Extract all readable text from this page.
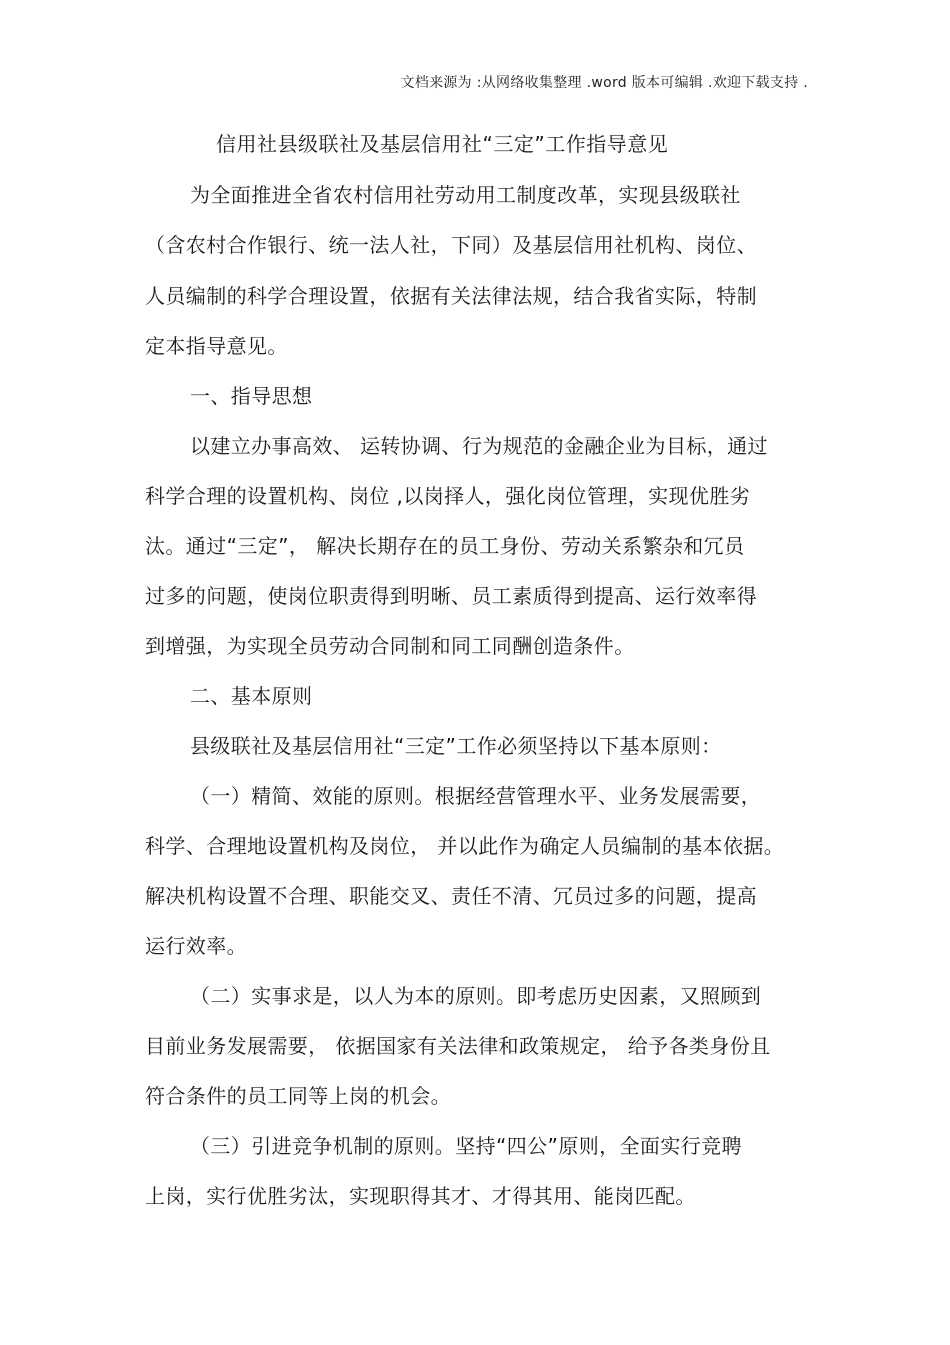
文档来源为 :从网络收集整理 .word 版本可编辑 .欢迎下载支持 .
信用社县级联社及基层信用社“三定”工作指导意见
为全面推进全省农村信用社劳动用工制度改革，实现县级联社
（含农村合作银行、统一法人社，下同）及基层信用社机构、岗位、
人员编制的科学合理设置，依据有关法律法规，结合我省实际，特制
定本指导意见。
一、指导思想
以建立办事高效、 运转协调、行为规范的金融企业为目标，通过
科学合理的设置机构、岗位 ,以岗择人，强化岗位管理，实现优胜劣
汰。通过“三定”， 解决长期存在的员工身份、劳动关系繁杂和冗员
过多的问题，使岗位职责得到明晰、员工素质得到提高、运行效率得
到增强，为实现全员劳动合同制和同工同酬创造条件。
二、基本原则
县级联社及基层信用社“三定”工作必须坚持以下基本原则：
（一）精简、效能的原则。根据经营管理水平、业务发展需要，
科学、合理地设置机构及岗位， 并以此作为确定人员编制的基本依据。
解决机构设置不合理、职能交叉、责任不清、冗员过多的问题，提高
运行效率。
（二）实事求是，以人为本的原则。即考虑历史因素，又照顾到
目前业务发展需要， 依据国家有关法律和政策规定， 给予各类身份且
符合条件的员工同等上岗的机会。
（三）引进竞争机制的原则。坚持“四公”原则，全面实行竞聘
上岗，实行优胜劣汰，实现职得其才、才得其用、能岗匹配。
